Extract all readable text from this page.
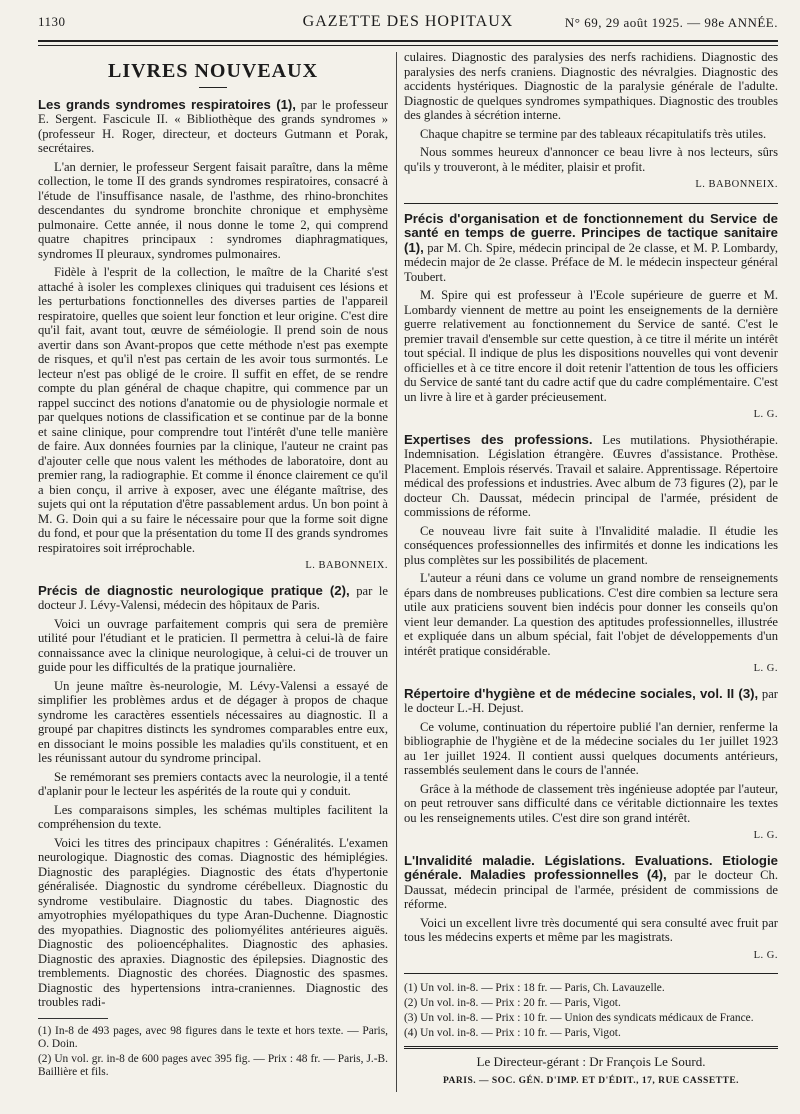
1130	GAZETTE DES HOPITAUX	N° 69, 29 août 1925. — 98e ANNÉE.
LIVRES NOUVEAUX

Les grands syndromes respiratoires (1), par le professeur E. Sergent. Fascicule II. « Bibliothèque des grands syndromes » (professeur H. Roger, directeur, et docteurs Gutmann et Porak, secrétaires.

L'an dernier, le professeur Sergent faisait paraître, dans la même collection, le tome II des grands syndromes respiratoires, consacré à l'étude de l'insuffisance nasale, de l'asthme, des rhino-bronchites descendantes du syndrome bronchite chronique et emphysème pulmonaire. Cette année, il nous donne le tome 2, qui comprend quatre chapitres principaux : syndromes diaphragmatiques, syndromes II pleuraux, syndromes pulmonaires.

Fidèle à l'esprit de la collection, le maître de la Charité s'est attaché à isoler les complexes cliniques qui traduisent ces lésions et les perturbations fonctionnelles des diverses parties de l'appareil respiratoire, quelles que soient leur fonction et leur origine. C'est dire qu'il fait, avant tout, œuvre de séméiologie. Il prend soin de nous avertir dans son Avant-propos que cette méthode n'est pas exempte de risques, et qu'il n'est pas certain de les avoir tous surmontés. Le lecteur n'est pas obligé de le croire. Il suffit en effet, de se rendre compte du plan général de chaque chapitre, qui commence par un rappel succinct des notions d'anatomie ou de physiologie normale et par quelques notions de classification et se continue par de la bonne et saine clinique, pour comprendre tout l'intérêt d'une telle manière de faire. Aux données fournies par la clinique, l'auteur ne craint pas d'ajouter celle que nous valent les méthodes de laboratoire, dont au premier rang, la radiographie. Et comme il énonce clairement ce qu'il a bien conçu, il arrive à exposer, avec une élégante maîtrise, des sujets qui ont la réputation d'être passablement ardus. Un bon point à M. G. Doin qui a su faire le nécessaire pour que la forme soit digne du fond, et pour que la présentation du tome II des grands syndromes respiratoires soit irréprochable.

L. BABONNEIX.

Précis de diagnostic neurologique pratique (2), par le docteur J. Lévy-Valensi, médecin des hôpitaux de Paris.

Voici un ouvrage parfaitement compris qui sera de première utilité pour l'étudiant et le praticien. Il permettra à celui-là de faire connaissance avec la clinique neurologique, à celui-ci de trouver un guide pour les difficultés de la pratique journalière.

Un jeune maître ès-neurologie, M. Lévy-Valensi a essayé de simplifier les problèmes ardus et de dégager à propos de chaque syndrome les caractères essentiels nécessaires au diagnostic. Il a groupé par chapitres distincts les syndromes comparables entre eux, en dissociant le moins possible les maladies qu'ils constituent, et en les réunissant autour du syndrome principal.

Se remémorant ses premiers contacts avec la neurologie, il a tenté d'aplanir pour le lecteur les aspérités de la route qui y conduit.

Les comparaisons simples, les schémas multiples facilitent la compréhension du texte.

Voici les titres des principaux chapitres : Généralités. L'examen neurologique. Diagnostic des comas. Diagnostic des hémiplégies. Diagnostic des paraplégies. Diagnostic des états d'hypertonie généralisée. Diagnostic du syndrome cérébelleux. Diagnostic du syndrome vestibulaire. Diagnostic du tabes. Diagnostic des amyotrophies myélopathiques du type Aran-Duchenne. Diagnostic des myopathies. Diagnostic des poliomyélites antérieures aiguës. Diagnostic des polioencéphalites. Diagnostic des aphasies. Diagnostic des apraxies. Diagnostic des épilepsies. Diagnostic des tremblements. Diagnostic des chorées. Diagnostic des spasmes. Diagnostic des hypertensions intra-craniennes. Diagnostic des troubles radi-

(1) In-8 de 493 pages, avec 98 figures dans le texte et hors texte. — Paris, O. Doin.

(2) Un vol. gr. in-8 de 600 pages avec 395 fig. — Prix : 48 fr. — Paris, J.-B. Baillière et fils.

culaires. Diagnostic des paralysies des nerfs rachidiens. Diagnostic des paralysies des nerfs craniens. Diagnostic des névralgies. Diagnostic des accidents hystériques. Diagnostic de la paralysie générale de l'adulte. Diagnostic de quelques syndromes sympathiques. Diagnostic des troubles des glandes à sécrétion interne.

Chaque chapitre se termine par des tableaux récapitulatifs très utiles.

Nous sommes heureux d'annoncer ce beau livre à nos lecteurs, sûrs qu'ils y trouveront, à le méditer, plaisir et profit.

L. BABONNEIX.

Précis d'organisation et de fonctionnement du Service de santé en temps de guerre. Principes de tactique sanitaire (1), par M. Ch. Spire, médecin principal de 2e classe, et M. P. Lombardy, médecin major de 2e classe. Préface de M. le médecin inspecteur général Toubert.

M. Spire qui est professeur à l'Ecole supérieure de guerre et M. Lombardy viennent de mettre au point les enseignements de la dernière guerre relativement au fonctionnement du Service de santé. C'est le premier travail d'ensemble sur cette question, à ce titre il mérite un intérêt tout spécial. Il indique de plus les dispositions nouvelles qui vont devenir officielles et à ce titre encore il doit retenir l'attention de tous les officiers du Service de santé tant du cadre actif que du cadre complémentaire. C'est un livre à lire et à garder précieusement.

L. G.

Expertises des professions. Les mutilations. Physiothérapie. Indemnisation. Législation étrangère. Œuvres d'assistance. Prothèse. Placement. Emplois réservés. Travail et salaire. Apprentissage. Répertoire médical des professions et industries. Avec album de 73 figures (2), par le docteur Ch. Daussat, médecin principal de l'armée, président de commissions de réforme.

Ce nouveau livre fait suite à l'Invalidité maladie. Il étudie les conséquences professionnelles des infirmités et donne les indications les plus complètes sur les possibilités de placement.

L'auteur a réuni dans ce volume un grand nombre de renseignements épars dans de nombreuses publications. C'est dire combien sa lecture sera utile aux praticiens souvent bien indécis pour donner les conseils qu'on vient leur demander. La question des aptitudes professionnelles, illustrée et expliquée dans un album spécial, fait l'objet de développements d'un intérêt pratique considérable.

L. G.

Répertoire d'hygiène et de médecine sociales, vol. II (3), par le docteur L.-H. Dejust.

Ce volume, continuation du répertoire publié l'an dernier, renferme la bibliographie de l'hygiène et de la médecine sociales du 1er juillet 1923 au 1er juillet 1924. Il contient aussi quelques documents antérieurs, rassemblés seulement dans le cours de l'année.

Grâce à la méthode de classement très ingénieuse adoptée par l'auteur, on peut retrouver sans difficulté dans ce véritable dictionnaire les textes ou les renseignements utiles. C'est dire son grand intérêt.

L. G.

L'Invalidité maladie. Législations. Evaluations. Etiologie générale. Maladies professionnelles (4), par le docteur Ch. Daussat, médecin principal de l'armée, président de commissions de réforme.

Voici un excellent livre très documenté qui sera consulté avec fruit par tous les médecins experts et même par les magistrats.

L. G.

(1) Un vol. in-8. — Prix : 18 fr. — Paris, Ch. Lavauzelle.

(2) Un vol. in-8. — Prix : 20 fr. — Paris, Vigot.

(3) Un vol. in-8. — Prix : 10 fr. — Union des syndicats médicaux de France.

(4) Un vol. in-8. — Prix : 10 fr. — Paris, Vigot.

Le Directeur-gérant : Dr François Le Sourd.
PARIS. — SOC. GÉN. D'IMP. ET D'ÉDIT., 17, RUE CASSETTE.
